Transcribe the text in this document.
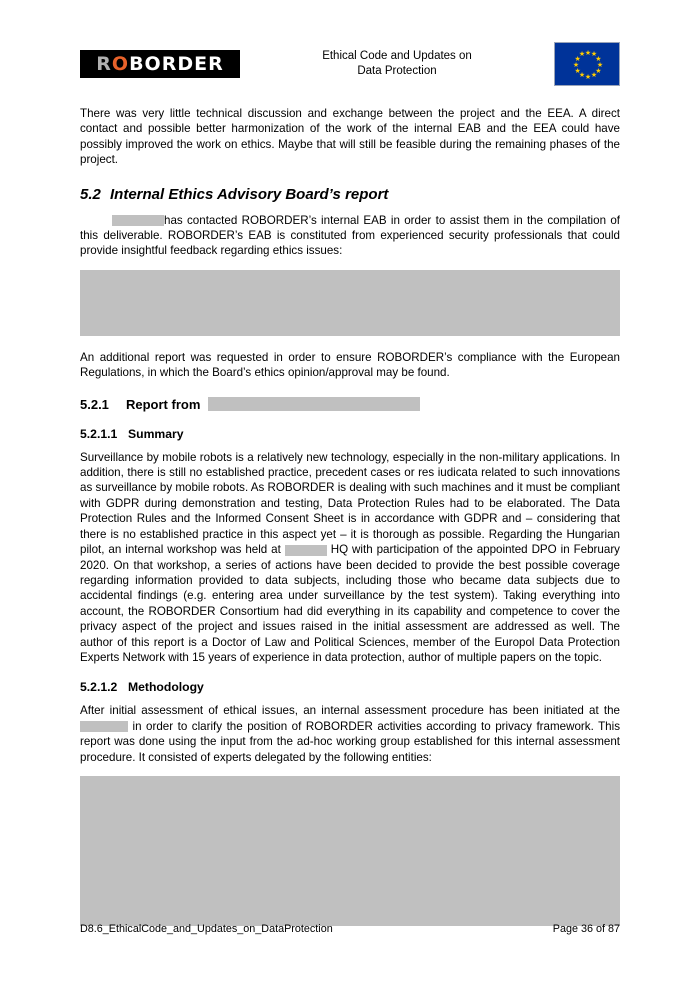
R O BORDER	Ethical Code and Updates on
Data Protection
★ ★
★
★
★
★
★
★
★
★
★
★

There was very little technical discussion and exchange between the project and the EEA. A direct contact and possible better harmonization of the work of the internal EAB and the EEA could have possibly improved the work on ethics. Maybe that will still be feasible during the remaining phases of the project.

5.2 Internal Ethics Advisory Board’s report

has contacted ROBORDER’s internal EAB in order to assist them in the compilation of this deliverable. ROBORDER’s EAB is constituted from experienced security professionals that could provide insightful feedback regarding ethics issues:

An additional report was requested in order to ensure ROBORDER’s compliance with the European Regulations, in which the Board’s ethics opinion/approval may be found.

5.2.1	Report from
5.2.1.1 Summary

Surveillance by mobile robots is a relatively new technology, especially in the non-military applications. In addition, there is still no established practice, precedent cases or res iudicata related to such innovations as surveillance by mobile robots. As ROBORDER is dealing with such machines and it must be compliant with GDPR during demonstration and testing, Data Protection Rules had to be elaborated. The Data Protection Rules and the Informed Consent Sheet is in accordance with GDPR and – considering that there is no established practice in this aspect yet – it is thorough as possible. Regarding the Hungarian pilot, an internal workshop was held at	HQ with participation of the appointed DPO in February 2020. On that workshop, a series of actions have been decided to provide the best possible coverage regarding information provided to data subjects, including those who became data subjects due to accidental findings (e.g. entering area under surveillance by the test system). Taking everything into account, the ROBORDER Consortium had did everything in its capability and competence to cover the privacy aspect of the project and issues raised in the initial assessment are addressed as well. The author of this report is a Doctor of Law and Political Sciences, member of the Europol Data Protection Experts Network with 15 years of experience in data protection, author of multiple papers on the topic.

5.2.1.2 Methodology

After initial assessment of ethical issues, an internal assessment procedure has been initiated at the  in order to clarify the position of ROBORDER activities according to privacy framework. This report was done using the input from the ad-hoc working group established for this internal assessment procedure. It consisted of experts delegated by the following entities:

D8.6_EthicalCode_and_Updates_on_DataProtection	Page 36 of 87
